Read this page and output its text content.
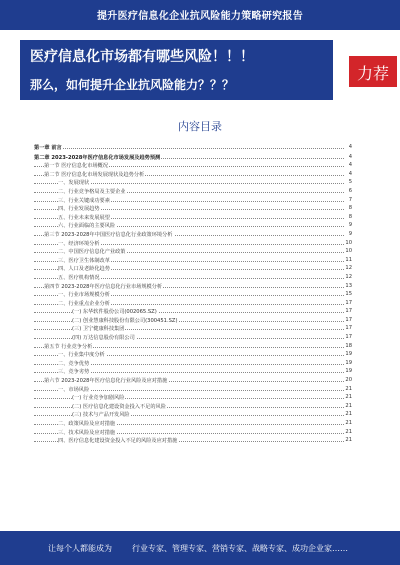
提升医疗信息化企业抗风险能力策略研究报告
医疗信息化市场都有哪些风险！！！
那么，如何提升企业抗风险能力？？？
力荐
内容目录
第一章 前言	4
第二章 2023-2028年医疗信息化市场发展及趋势预测	4
第一节 医疗信息化市场概况	4
第二节 医疗信息化市场发展现状及趋势分析	4
一、发展现状	5
二、行业竞争格局及主要企业	6
三、行业关键成功要素	7
四、行业发展趋势	8
五、行业未来发展展望	8
六、行业面临的主要风险	9
第三节 2023-2028年中国医疗信息化行业政策环境分析	9
一、经济环境分析	10
二、中国医疗信息化产业政策	10
三、医疗卫生体制改革	11
四、人口及老龄化趋势	12
五、医疗机构情况	12
第四节 2023-2028年医疗信息化行业市场规模分析	13
一、行业市场规模分析	15
二、行业重点企业分析	17
(一) 东华软件股份公司(002065.SZ)	17
(二) 创业慧康科技股份有限公司(300451.SZ)	17
(三) 卫宁健康科技集团	17
(四) 万达信息股份有限公司	17
第五节 行业竞争分析	18
一、行业集中度分析	19
二、竞争优势	19
三、竞争劣势	19
第六节 2023-2028年医疗信息化行业风险及应对措施	20
一、市场风险	21
(一) 行业竞争加剧风险	21
(二) 医疗信息化建设资金投入不足的风险	21
(三) 技术与产品开发风险	21
二、政策风险及应对措施	21
三、技术风险及应对措施	21
四、医疗信息化建设资金投入不足的风险及应对措施	21
让每个人都能成为	行业专家、管理专家、营销专家、战略专家、成功企业家……
